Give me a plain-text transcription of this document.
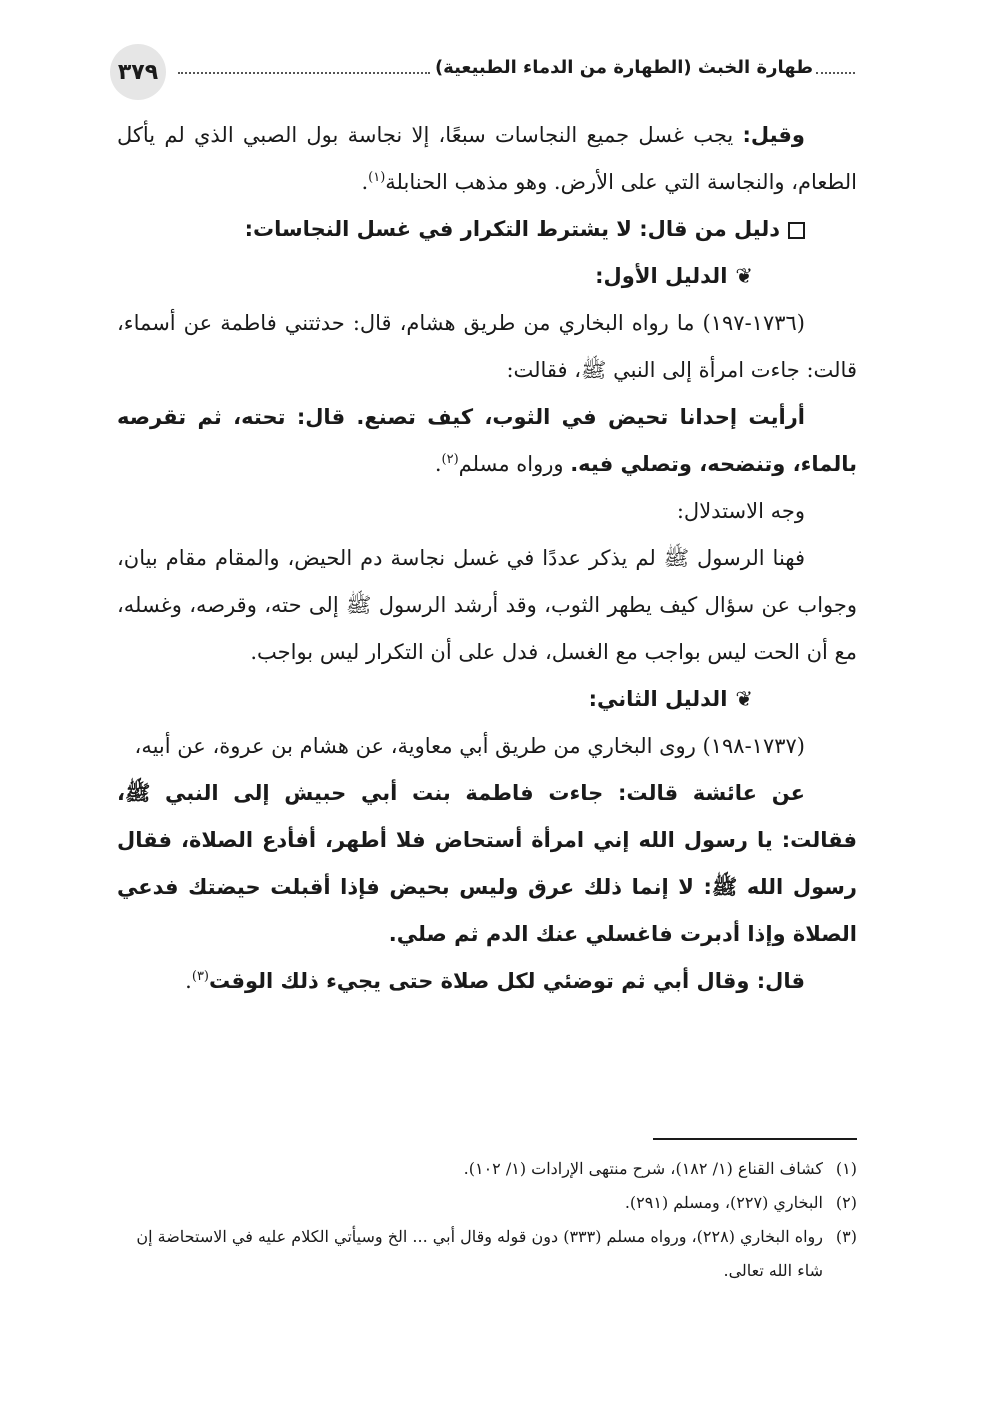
٣٧٩	طهارة الخبث (الطهارة من الدماء الطبيعية)

وقيل: يجب غسل جميع النجاسات سبعًا، إلا نجاسة بول الصبي الذي لم يأكل الطعام، والنجاسة التي على الأرض. وهو مذهب الحنابلة$^{(١)}$.

دليل من قال: لا يشترط التكرار في غسل النجاسات:

❦الدليل الأول:

(١٧٣٦-١٩٧) ما رواه البخاري من طريق هشام، قال: حدثتني فاطمة عن أسماء، قالت: جاءت امرأة إلى النبي ﷺ، فقالت:

أرأيت إحدانا تحيض في الثوب، كيف تصنع. قال: تحته، ثم تقرصه بالماء، وتنضحه، وتصلي فيه. ورواه مسلم$^{(٢)}$.

وجه الاستدلال:

فهنا الرسول ﷺ لم يذكر عددًا في غسل نجاسة دم الحيض، والمقام مقام بيان، وجواب عن سؤال كيف يطهر الثوب، وقد أرشد الرسول ﷺ إلى حته، وقرصه، وغسله، مع أن الحت ليس بواجب مع الغسل، فدل على أن التكرار ليس بواجب.

❦الدليل الثاني:

(١٧٣٧-١٩٨) روى البخاري من طريق أبي معاوية، عن هشام بن عروة، عن أبيه،

عن عائشة قالت: جاءت فاطمة بنت أبي حبيش إلى النبي ﷺ، فقالت: يا رسول الله إني امرأة أستحاض فلا أطهر، أفأدع الصلاة، فقال رسول الله ﷺ: لا إنما ذلك عرق وليس بحيض فإذا أقبلت حيضتك فدعي الصلاة وإذا أدبرت فاغسلي عنك الدم ثم صلي.

قال: وقال أبي ثم توضئي لكل صلاة حتى يجيء ذلك الوقت$^{(٣)}$.

(١)
كشاف القناع (١/ ١٨٢)، شرح منتهى الإرادات (١/ ١٠٢).

(٢)
البخاري (٢٢٧)، ومسلم (٢٩١).

(٣)
رواه البخاري (٢٢٨)، ورواه مسلم (٣٣٣) دون قوله وقال أبي ... الخ وسيأتي الكلام عليه في الاستحاضة إن شاء الله تعالى.
